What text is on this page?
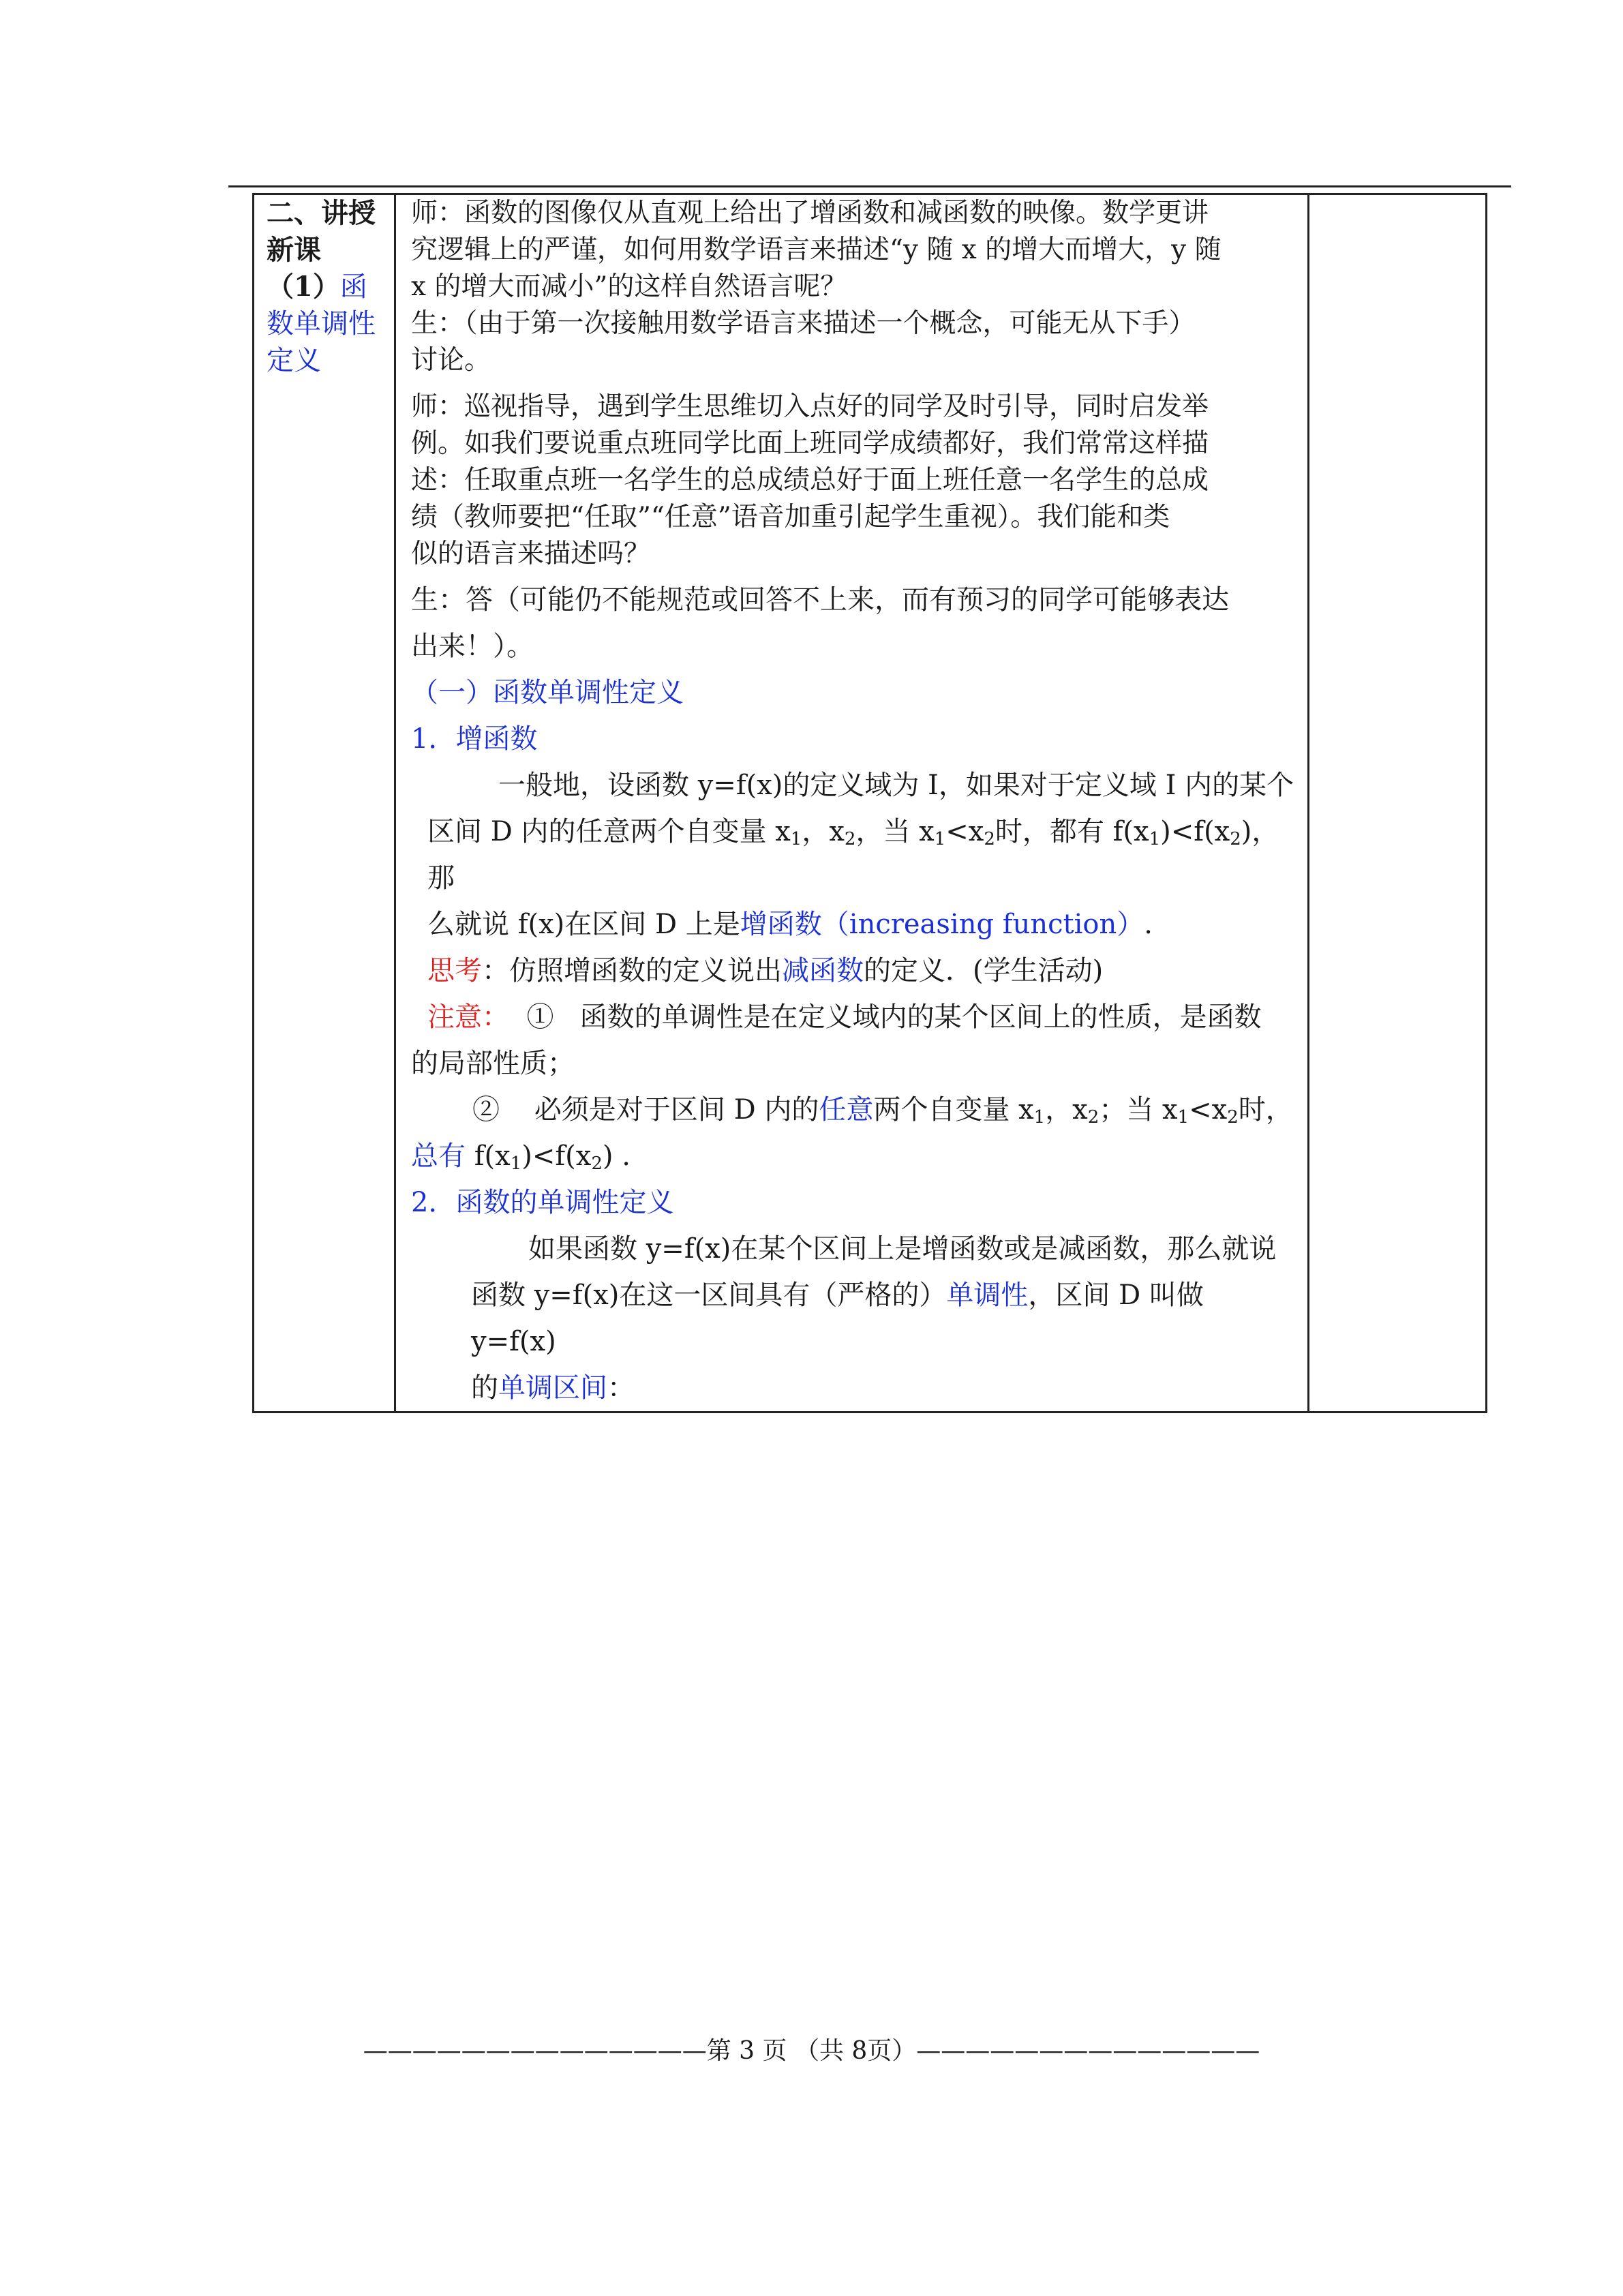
二、讲授
新课
（1）函
数单调性
定义

师：函数的图像仅从直观上给出了增函数和减函数的映像。数学更讲

究逻辑上的严谨，如何用数学语言来描述“y 随 x 的增大而增大，y 随

x 的增大而减小”的这样自然语言呢？

生：（由于第一次接触用数学语言来描述一个概念，可能无从下手）

讨论。

师：巡视指导，遇到学生思维切入点好的同学及时引导，同时启发举

例。如我们要说重点班同学比面上班同学成绩都好，我们常常这样描

述：任取重点班一名学生的总成绩总好于面上班任意一名学生的总成

绩（教师要把“任取”“任意”语音加重引起学生重视）。我们能和类

似的语言来描述吗？

生：答（可能仍不能规范或回答不上来，而有预习的同学可能够表达

出来！）。

（一）函数单调性定义

1．增函数

一般地，设函数 y=f(x)的定义域为 I，如果对于定义域 I 内的某个

区间 D 内的任意两个自变量 $x_1$，$x_2$，当 $x_1<x_2$时，都有 $f(x_1)<f(x_2)$，那

么就说 f(x)在区间 D 上是增函数（increasing function）.

思考：仿照增函数的定义说出减函数的定义．(学生活动)

注意： ① 函数的单调性是在定义域内的某个区间上的性质，是函数

的局部性质；

② 必须是对于区间 D 内的任意两个自变量 $x_1$，$x_2$；当 $x_1<x_2$时，

总有 $f(x_1)<f(x_2)$ .

2．函数的单调性定义

如果函数 y=f(x)在某个区间上是增函数或是减函数，那么就说

函数 y=f(x)在这一区间具有（严格的）单调性，区间 D 叫做 y=f(x)

的单调区间：

——————————————第 3 页 （共 8页）——————————————
